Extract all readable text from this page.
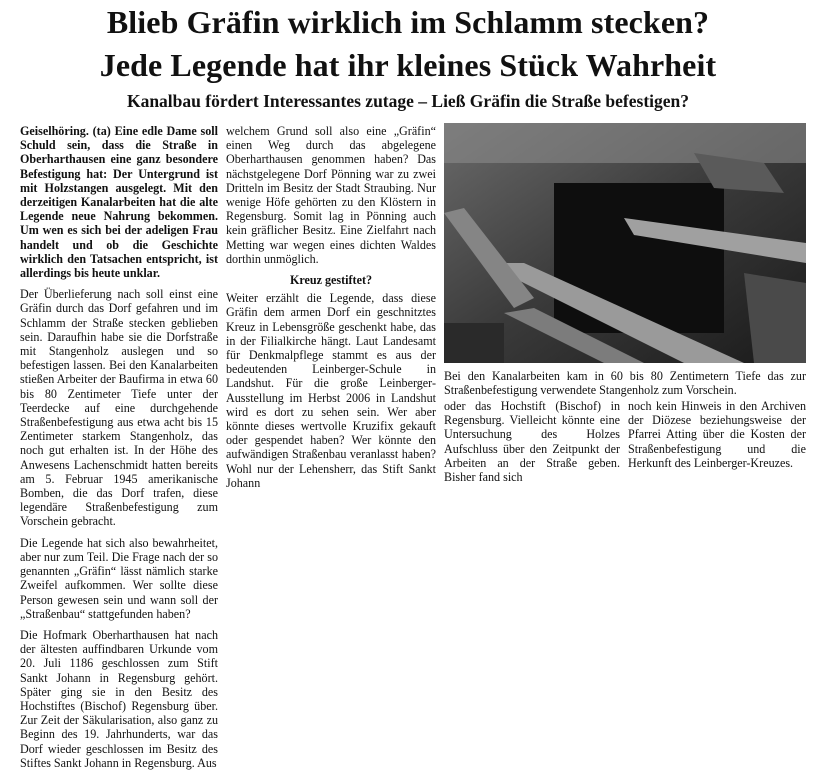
Blieb Gräfin wirklich im Schlamm stecken?
Jede Legende hat ihr kleines Stück Wahrheit
Kanalbau fördert Interessantes zutage – Ließ Gräfin die Straße befestigen?

Geiselhöring. (ta) Eine edle Dame soll Schuld sein, dass die Straße in Oberharthausen eine ganz besondere Befestigung hat: Der Untergrund ist mit Holzstangen ausgelegt. Mit den derzeitigen Kanalarbeiten hat die alte Legende neue Nahrung bekommen. Um wen es sich bei der adeligen Frau handelt und ob die Geschichte wirklich den Tatsachen entspricht, ist allerdings bis heute unklar.

Der Überlieferung nach soll einst eine Gräfin durch das Dorf gefahren und im Schlamm der Straße stecken geblieben sein. Daraufhin habe sie die Dorfstraße mit Stangenholz auslegen und so befestigen lassen. Bei den Kanalarbeiten stießen Arbeiter der Baufirma in etwa 60 bis 80 Zentimeter Tiefe unter der Teerdecke auf eine durchgehende Straßenbefestigung aus etwa acht bis 15 Zentimeter starkem Stangenholz, das noch gut erhalten ist. In der Höhe des Anwesens Lachenschmidt hatten bereits am 5. Februar 1945 amerikanische Bomben, die das Dorf trafen, diese legendäre Straßenbefestigung zum Vorschein gebracht.

Die Legende hat sich also bewahrheitet, aber nur zum Teil. Die Frage nach der so genannten „Gräfin“ lässt nämlich starke Zweifel aufkommen. Wer sollte diese Person gewesen sein und wann soll der „Straßenbau“ stattgefunden haben?

Die Hofmark Oberharthausen hat nach der ältesten auffindbaren Urkunde vom 20. Juli 1186 geschlossen zum Stift Sankt Johann in Regensburg gehört. Später ging sie in den Besitz des Hochstiftes (Bischof) Regensburg über. Zur Zeit der Säkularisation, also ganz zu Beginn des 19. Jahrhunderts, war das Dorf wieder geschlossen im Besitz des Stiftes Sankt Johann in Regensburg. Aus

welchem Grund soll also eine „Gräfin“ einen Weg durch das abgelegene Oberharthausen genommen haben? Das nächstgelegene Dorf Pönning war zu zwei Dritteln im Besitz der Stadt Straubing. Nur wenige Höfe gehörten zu den Klöstern in Regensburg. Somit lag in Pönning auch kein gräflicher Besitz. Eine Zielfahrt nach Metting war wegen eines dichten Waldes dorthin unmöglich.

Kreuz gestiftet?

Weiter erzählt die Legende, dass diese Gräfin dem armen Dorf ein geschnitztes Kreuz in Lebensgröße geschenkt habe, das in der Filialkirche hängt. Laut Landesamt für Denkmalpflege stammt es aus der bedeutenden Leinberger-Schule in Landshut. Für die große Leinberger-Ausstellung im Herbst 2006 in Landshut wird es dort zu sehen sein. Wer aber könnte dieses wertvolle Kruzifix gekauft oder gespendet haben? Wer könnte den aufwändigen Straßenbau veranlasst haben? Wohl nur der Lehensherr, das Stift Sankt Johann

Bei den Kanalarbeiten kam in 60 bis 80 Zentimetern Tiefe das zur Straßenbefestigung verwendete Stangenholz zum Vorschein.

oder das Hochstift (Bischof) in Regensburg. Vielleicht könnte eine Untersuchung des Holzes Aufschluss über den Zeitpunkt der Arbeiten an der Straße geben. Bisher fand sich

noch kein Hinweis in den Archiven der Diözese beziehungsweise der Pfarrei Atting über die Kosten der Straßenbefestigung und die Herkunft des Leinberger-Kreuzes.
